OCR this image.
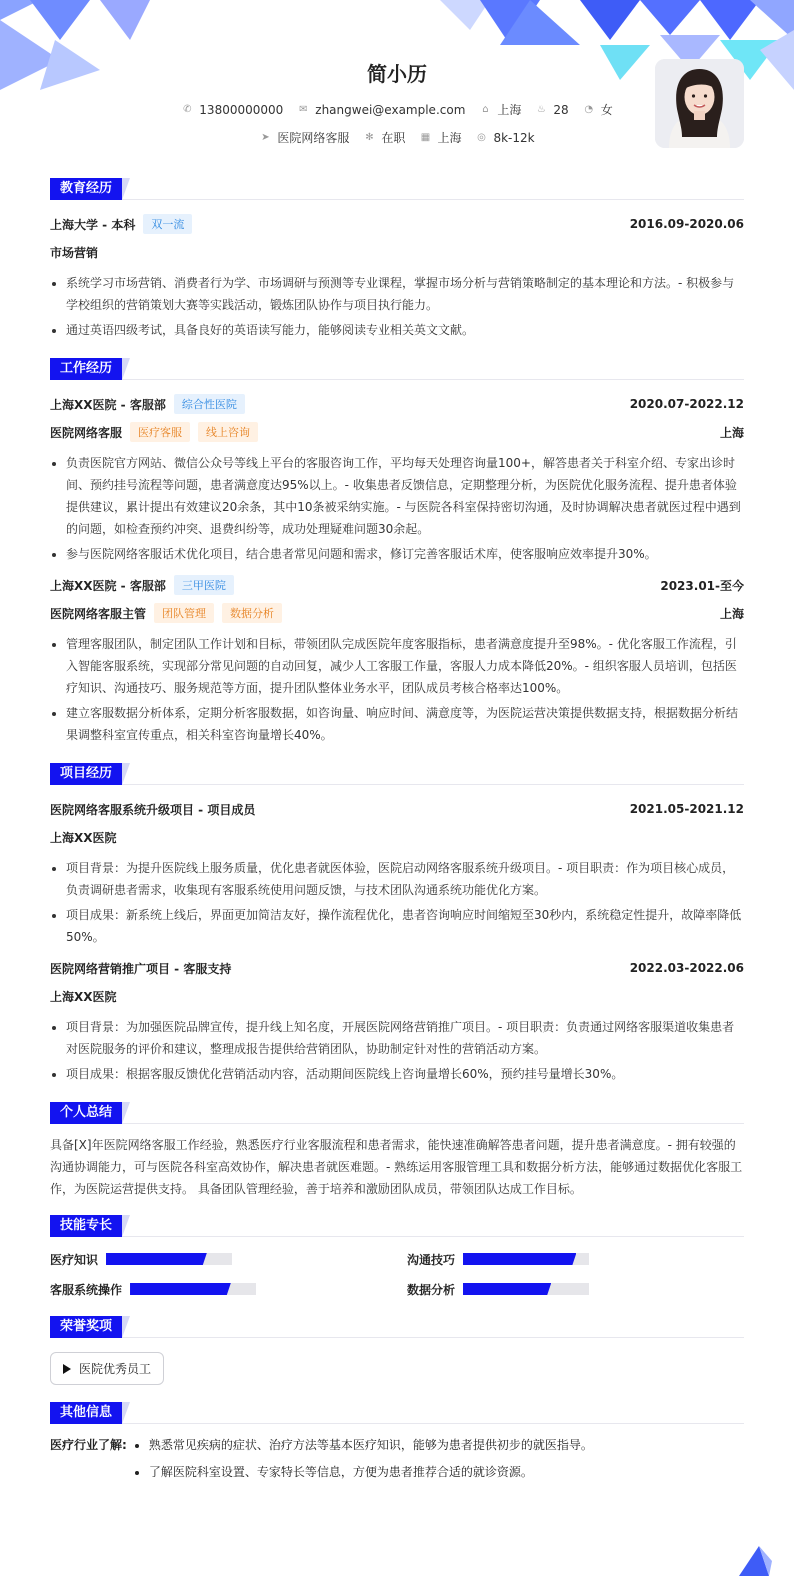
简小历
✆ 13800000000 ✉ zhangwei@example.com ⌂ 上海 ♨ 28 ◔ 女
➤ 医院网络客服 ✻ 在职 ▦ 上海 ◎ 8k-12k
教育经历
上海大学 - 本科	双一流	2016.09-2020.06
市场营销
• 系统学习市场营销、消费者行为学、市场调研与预测等专业课程，掌握市场分析与营销策略制定的基本理论和方法。- 积极参与学校组织的营销策划大赛等实践活动，锻炼团队协作与项目执行能力。
• 通过英语四级考试，具备良好的英语读写能力，能够阅读专业相关英文文献。
工作经历
上海XX医院 - 客服部	综合性医院	2020.07-2022.12
医院网络客服	医疗客服	线上咨询	上海
• 负责医院官方网站、微信公众号等线上平台的客服咨询工作，平均每天处理咨询量100+，解答患者关于科室介绍、专家出诊时间、预约挂号流程等问题，患者满意度达95%以上。- 收集患者反馈信息，定期整理分析，为医院优化服务流程、提升患者体验提供建议，累计提出有效建议20余条，其中10条被采纳实施。- 与医院各科室保持密切沟通，及时协调解决患者就医过程中遇到的问题，如检查预约冲突、退费纠纷等，成功处理疑难问题30余起。
• 参与医院网络客服话术优化项目，结合患者常见问题和需求，修订完善客服话术库，使客服响应效率提升30%。
上海XX医院 - 客服部	三甲医院	2023.01-至今
医院网络客服主管	团队管理	数据分析	上海
• 管理客服团队，制定团队工作计划和目标，带领团队完成医院年度客服指标，患者满意度提升至98%。- 优化客服工作流程，引入智能客服系统，实现部分常见问题的自动回复，减少人工客服工作量，客服人力成本降低20%。- 组织客服人员培训，包括医疗知识、沟通技巧、服务规范等方面，提升团队整体业务水平，团队成员考核合格率达100%。
• 建立客服数据分析体系，定期分析客服数据，如咨询量、响应时间、满意度等，为医院运营决策提供数据支持，根据数据分析结果调整科室宣传重点，相关科室咨询量增长40%。
项目经历
医院网络客服系统升级项目 - 项目成员	2021.05-2021.12
上海XX医院
• 项目背景：为提升医院线上服务质量，优化患者就医体验，医院启动网络客服系统升级项目。- 项目职责：作为项目核心成员，负责调研患者需求，收集现有客服系统使用问题反馈，与技术团队沟通系统功能优化方案。
• 项目成果：新系统上线后，界面更加简洁友好，操作流程优化，患者咨询响应时间缩短至30秒内，系统稳定性提升，故障率降低50%。
医院网络营销推广项目 - 客服支持	2022.03-2022.06
上海XX医院
• 项目背景：为加强医院品牌宣传，提升线上知名度，开展医院网络营销推广项目。- 项目职责：负责通过网络客服渠道收集患者对医院服务的评价和建议，整理成报告提供给营销团队，协助制定针对性的营销活动方案。
• 项目成果：根据客服反馈优化营销活动内容，活动期间医院线上咨询量增长60%，预约挂号量增长30%。
个人总结
具备[X]年医院网络客服工作经验，熟悉医疗行业客服流程和患者需求，能快速准确解答患者问题，提升患者满意度。- 拥有较强的沟通协调能力，可与医院各科室高效协作，解决患者就医难题。- 熟练运用客服管理工具和数据分析方法，能够通过数据优化客服工作，为医院运营提供支持。 具备团队管理经验，善于培养和激励团队成员，带领团队达成工作目标。
技能专长
医疗知识	沟通技巧
客服系统操作	数据分析
荣誉奖项
医院优秀员工
其他信息
医疗行业了解:
• 熟悉常见疾病的症状、治疗方法等基本医疗知识，能够为患者提供初步的就医指导。
• 了解医院科室设置、专家特长等信息，方便为患者推荐合适的就诊资源。
